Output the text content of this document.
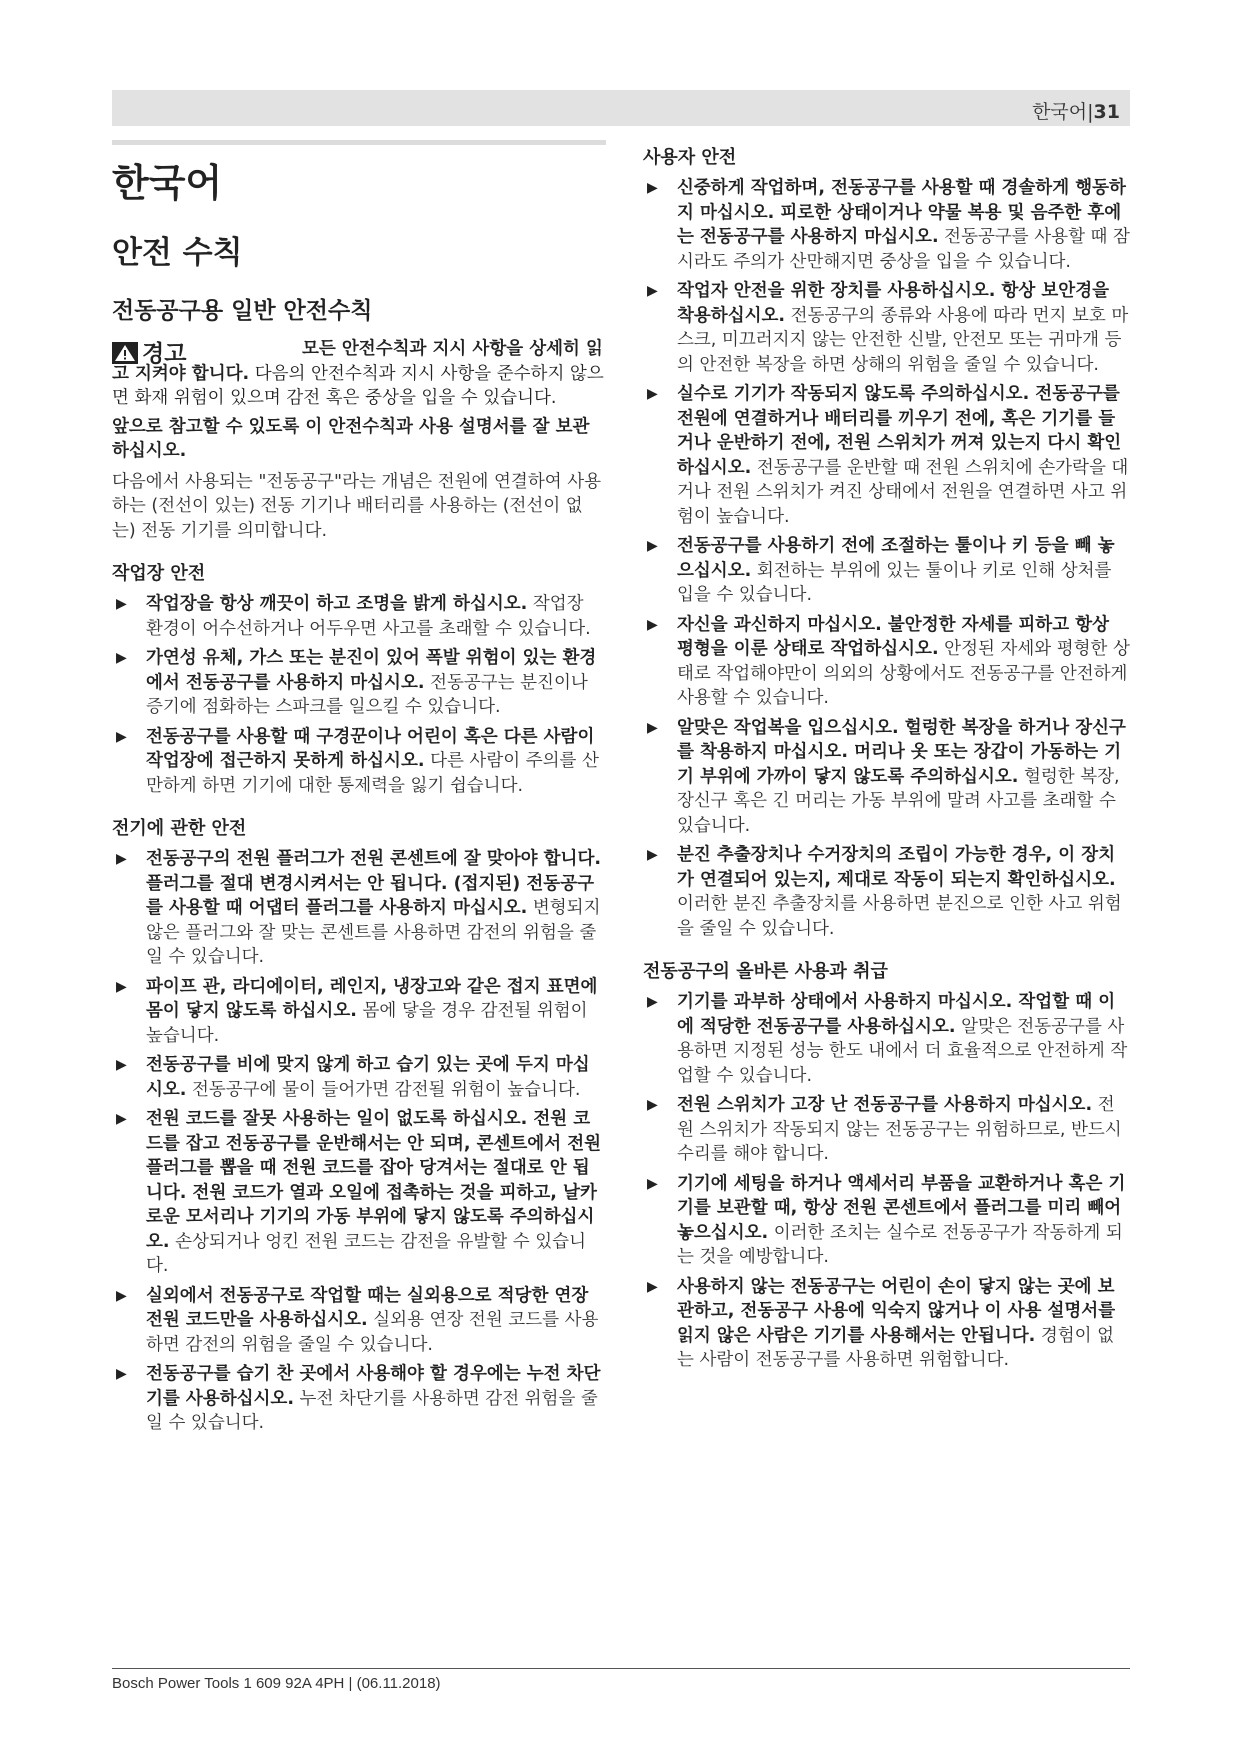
한국어|31
한국어
안전 수칙
전동공구용 일반 안전수칙
경고	모든 안전수칙과 지시 사항을 상세히 읽고 지켜야 합니다. 다음의 안전수칙과 지시 사항을 준수하지 않으면 화재 위험이 있으며 감전 혹은 중상을 입을 수 있습니다.

앞으로 참고할 수 있도록 이 안전수칙과 사용 설명서를 잘 보관하십시오.

다음에서 사용되는 "전동공구"라는 개념은 전원에 연결하여 사용하는 (전선이 있는) 전동 기기나 배터리를 사용하는 (전선이 없는) 전동 기기를 의미합니다.

작업장 안전
▶ 작업장을 항상 깨끗이 하고 조명을 밝게 하십시오. 작업장 환경이 어수선하거나 어두우면 사고를 초래할 수 있습니다.
▶ 가연성 유체, 가스 또는 분진이 있어 폭발 위험이 있는 환경에서 전동공구를 사용하지 마십시오. 전동공구는 분진이나 증기에 점화하는 스파크를 일으킬 수 있습니다.
▶ 전동공구를 사용할 때 구경꾼이나 어린이 혹은 다른 사람이 작업장에 접근하지 못하게 하십시오. 다른 사람이 주의를 산만하게 하면 기기에 대한 통제력을 잃기 쉽습니다.
전기에 관한 안전
▶ 전동공구의 전원 플러그가 전원 콘센트에 잘 맞아야 합니다. 플러그를 절대 변경시켜서는 안 됩니다. (접지된) 전동공구를 사용할 때 어댑터 플러그를 사용하지 마십시오. 변형되지 않은 플러그와 잘 맞는 콘센트를 사용하면 감전의 위험을 줄일 수 있습니다.
▶ 파이프 관, 라디에이터, 레인지, 냉장고와 같은 접지 표면에 몸이 닿지 않도록 하십시오. 몸에 닿을 경우 감전될 위험이 높습니다.
▶ 전동공구를 비에 맞지 않게 하고 습기 있는 곳에 두지 마십시오. 전동공구에 물이 들어가면 감전될 위험이 높습니다.
▶ 전원 코드를 잘못 사용하는 일이 없도록 하십시오. 전원 코드를 잡고 전동공구를 운반해서는 안 되며, 콘센트에서 전원 플러그를 뽑을 때 전원 코드를 잡아 당겨서는 절대로 안 됩니다. 전원 코드가 열과 오일에 접촉하는 것을 피하고, 날카로운 모서리나 기기의 가동 부위에 닿지 않도록 주의하십시오. 손상되거나 엉킨 전원 코드는 감전을 유발할 수 있습니다.
▶ 실외에서 전동공구로 작업할 때는 실외용으로 적당한 연장 전원 코드만을 사용하십시오. 실외용 연장 전원 코드를 사용하면 감전의 위험을 줄일 수 있습니다.
▶ 전동공구를 습기 찬 곳에서 사용해야 할 경우에는 누전 차단기를 사용하십시오. 누전 차단기를 사용하면 감전 위험을 줄일 수 있습니다.
사용자 안전
▶ 신중하게 작업하며, 전동공구를 사용할 때 경솔하게 행동하지 마십시오. 피로한 상태이거나 약물 복용 및 음주한 후에는 전동공구를 사용하지 마십시오. 전동공구를 사용할 때 잠시라도 주의가 산만해지면 중상을 입을 수 있습니다.
▶ 작업자 안전을 위한 장치를 사용하십시오. 항상 보안경을 착용하십시오. 전동공구의 종류와 사용에 따라 먼지 보호 마스크, 미끄러지지 않는 안전한 신발, 안전모 또는 귀마개 등의 안전한 복장을 하면 상해의 위험을 줄일 수 있습니다.
▶ 실수로 기기가 작동되지 않도록 주의하십시오. 전동공구를 전원에 연결하거나 배터리를 끼우기 전에, 혹은 기기를 들거나 운반하기 전에, 전원 스위치가 꺼져 있는지 다시 확인하십시오. 전동공구를 운반할 때 전원 스위치에 손가락을 대거나 전원 스위치가 켜진 상태에서 전원을 연결하면 사고 위험이 높습니다.
▶ 전동공구를 사용하기 전에 조절하는 툴이나 키 등을 빼 놓으십시오. 회전하는 부위에 있는 툴이나 키로 인해 상처를 입을 수 있습니다.
▶ 자신을 과신하지 마십시오. 불안정한 자세를 피하고 항상 평형을 이룬 상태로 작업하십시오. 안정된 자세와 평형한 상태로 작업해야만이 의외의 상황에서도 전동공구를 안전하게 사용할 수 있습니다.
▶ 알맞은 작업복을 입으십시오. 헐렁한 복장을 하거나 장신구를 착용하지 마십시오. 머리나 옷 또는 장갑이 가동하는 기기 부위에 가까이 닿지 않도록 주의하십시오. 헐렁한 복장, 장신구 혹은 긴 머리는 가동 부위에 말려 사고를 초래할 수 있습니다.
▶ 분진 추출장치나 수거장치의 조립이 가능한 경우, 이 장치가 연결되어 있는지, 제대로 작동이 되는지 확인하십시오. 이러한 분진 추출장치를 사용하면 분진으로 인한 사고 위험을 줄일 수 있습니다.
전동공구의 올바른 사용과 취급
▶ 기기를 과부하 상태에서 사용하지 마십시오. 작업할 때 이에 적당한 전동공구를 사용하십시오. 알맞은 전동공구를 사용하면 지정된 성능 한도 내에서 더 효율적으로 안전하게 작업할 수 있습니다.
▶ 전원 스위치가 고장 난 전동공구를 사용하지 마십시오. 전원 스위치가 작동되지 않는 전동공구는 위험하므로, 반드시 수리를 해야 합니다.
▶ 기기에 세팅을 하거나 액세서리 부품을 교환하거나 혹은 기기를 보관할 때, 항상 전원 콘센트에서 플러그를 미리 빼어 놓으십시오. 이러한 조치는 실수로 전동공구가 작동하게 되는 것을 예방합니다.
▶ 사용하지 않는 전동공구는 어린이 손이 닿지 않는 곳에 보관하고, 전동공구 사용에 익숙지 않거나 이 사용 설명서를 읽지 않은 사람은 기기를 사용해서는 안됩니다. 경험이 없는 사람이 전동공구를 사용하면 위험합니다.
Bosch Power Tools 1 609 92A 4PH | (06.11.2018)
